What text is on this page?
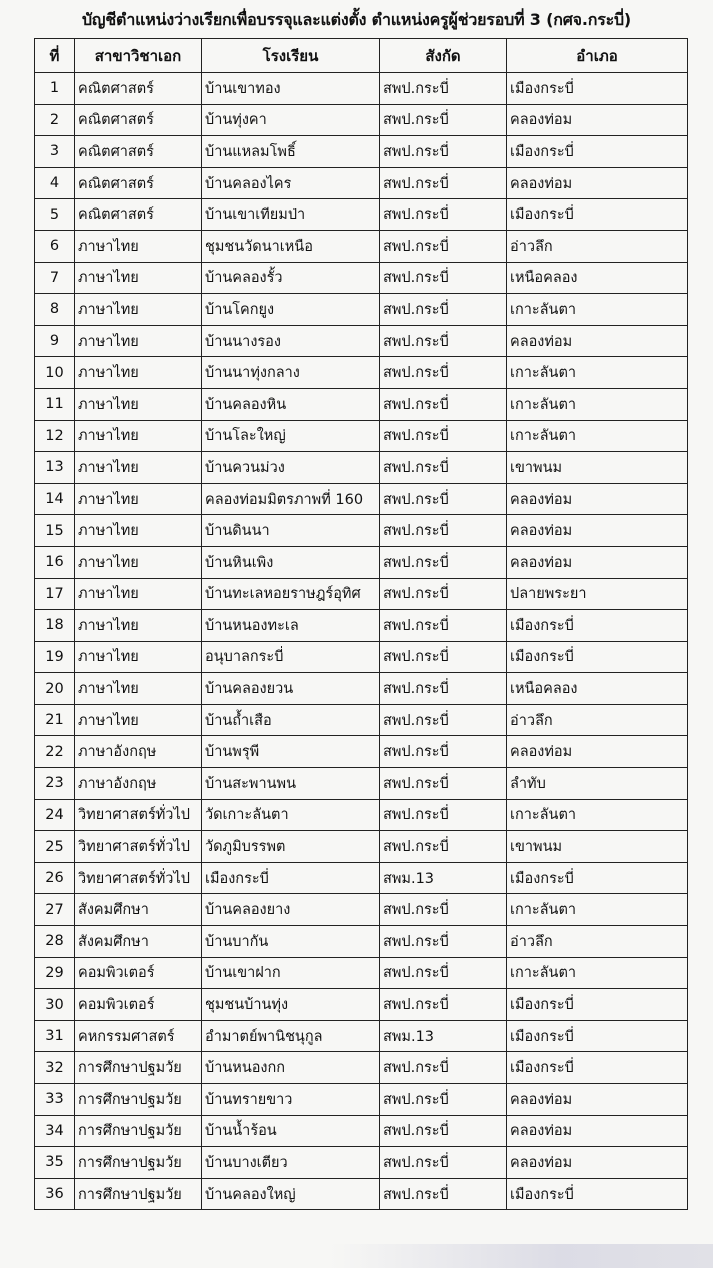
บัญชีตำแหน่งว่างเรียกเพื่อบรรจุและแต่งตั้ง ตำแหน่งครูผู้ช่วยรอบที่ 3 (กศจ.กระบี่)
ที่	สาขาวิชาเอก	โรงเรียน	สังกัด	อำเภอ
1	คณิตศาสตร์	บ้านเขาทอง	สพป.กระบี่	เมืองกระบี่
2	คณิตศาสตร์	บ้านทุ่งคา	สพป.กระบี่	คลองท่อม
3	คณิตศาสตร์	บ้านแหลมโพธิ์	สพป.กระบี่	เมืองกระบี่
4	คณิตศาสตร์	บ้านคลองไคร	สพป.กระบี่	คลองท่อม
5	คณิตศาสตร์	บ้านเขาเทียมป่า	สพป.กระบี่	เมืองกระบี่
6	ภาษาไทย	ชุมชนวัดนาเหนือ	สพป.กระบี่	อ่าวลึก
7	ภาษาไทย	บ้านคลองรั้ว	สพป.กระบี่	เหนือคลอง
8	ภาษาไทย	บ้านโคกยูง	สพป.กระบี่	เกาะลันตา
9	ภาษาไทย	บ้านนางรอง	สพป.กระบี่	คลองท่อม
10	ภาษาไทย	บ้านนาทุ่งกลาง	สพป.กระบี่	เกาะลันตา
11	ภาษาไทย	บ้านคลองหิน	สพป.กระบี่	เกาะลันตา
12	ภาษาไทย	บ้านโละใหญ่	สพป.กระบี่	เกาะลันตา
13	ภาษาไทย	บ้านควนม่วง	สพป.กระบี่	เขาพนม
14	ภาษาไทย	คลองท่อมมิตรภาพที่ 160	สพป.กระบี่	คลองท่อม
15	ภาษาไทย	บ้านดินนา	สพป.กระบี่	คลองท่อม
16	ภาษาไทย	บ้านหินเพิง	สพป.กระบี่	คลองท่อม
17	ภาษาไทย	บ้านทะเลหอยราษฎร์อุทิศ	สพป.กระบี่	ปลายพระยา
18	ภาษาไทย	บ้านหนองทะเล	สพป.กระบี่	เมืองกระบี่
19	ภาษาไทย	อนุบาลกระบี่	สพป.กระบี่	เมืองกระบี่
20	ภาษาไทย	บ้านคลองยวน	สพป.กระบี่	เหนือคลอง
21	ภาษาไทย	บ้านถ้ำเสือ	สพป.กระบี่	อ่าวลึก
22	ภาษาอังกฤษ	บ้านพรุพี	สพป.กระบี่	คลองท่อม
23	ภาษาอังกฤษ	บ้านสะพานพน	สพป.กระบี่	ลำทับ
24	วิทยาศาสตร์ทั่วไป	วัดเกาะลันตา	สพป.กระบี่	เกาะลันตา
25	วิทยาศาสตร์ทั่วไป	วัดภูมิบรรพต	สพป.กระบี่	เขาพนม
26	วิทยาศาสตร์ทั่วไป	เมืองกระบี่	สพม.13	เมืองกระบี่
27	สังคมศึกษา	บ้านคลองยาง	สพป.กระบี่	เกาะลันตา
28	สังคมศึกษา	บ้านบากัน	สพป.กระบี่	อ่าวลึก
29	คอมพิวเตอร์	บ้านเขาฝาก	สพป.กระบี่	เกาะลันตา
30	คอมพิวเตอร์	ชุมชนบ้านทุ่ง	สพป.กระบี่	เมืองกระบี่
31	คหกรรมศาสตร์	อำมาตย์พานิชนุกูล	สพม.13	เมืองกระบี่
32	การศึกษาปฐมวัย	บ้านหนองกก	สพป.กระบี่	เมืองกระบี่
33	การศึกษาปฐมวัย	บ้านทรายขาว	สพป.กระบี่	คลองท่อม
34	การศึกษาปฐมวัย	บ้านน้ำร้อน	สพป.กระบี่	คลองท่อม
35	การศึกษาปฐมวัย	บ้านบางเตียว	สพป.กระบี่	คลองท่อม
36	การศึกษาปฐมวัย	บ้านคลองใหญ่	สพป.กระบี่	เมืองกระบี่
